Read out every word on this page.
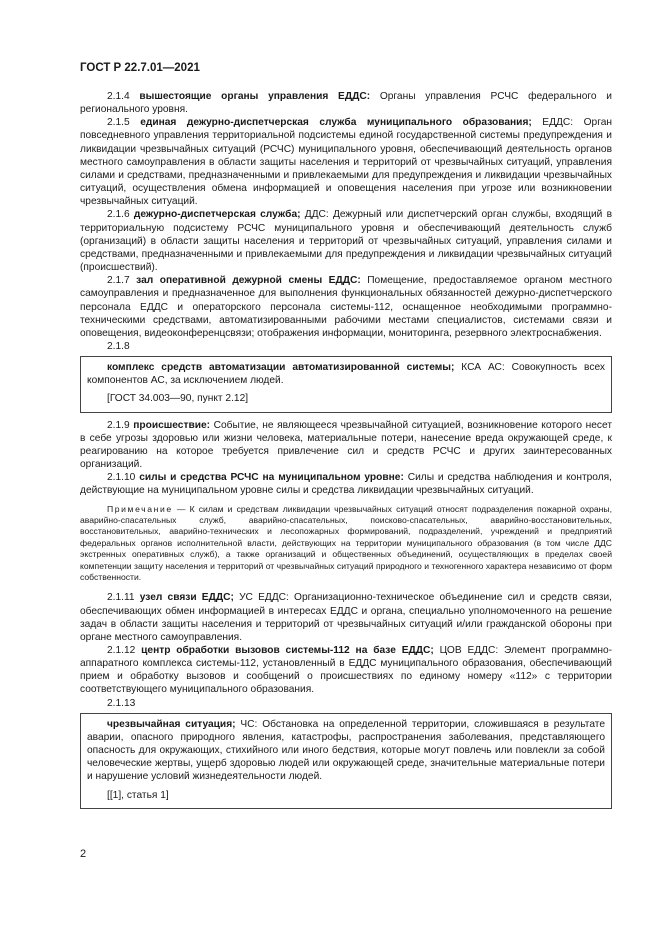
ГОСТ Р 22.7.01—2021

2.1.4 вышестоящие органы управления ЕДДС: Органы управления РСЧС федерального и регионального уровня.

2.1.5 единая дежурно-диспетчерская служба муниципального образования; ЕДДС: Орган повседневного управления территориальной подсистемы единой государственной системы предупреждения и ликвидации чрезвычайных ситуаций (РСЧС) муниципального уровня, обеспечивающий деятельность органов местного самоуправления в области защиты населения и территорий от чрезвычайных ситуаций, управления силами и средствами, предназначенными и привлекаемыми для предупреждения и ликвидации чрезвычайных ситуаций, осуществления обмена информацией и оповещения населения при угрозе или возникновении чрезвычайных ситуаций.

2.1.6 дежурно-диспетчерская служба; ДДС: Дежурный или диспетчерский орган службы, входящий в территориальную подсистему РСЧС муниципального уровня и обеспечивающий деятельность служб (организаций) в области защиты населения и территорий от чрезвычайных ситуаций, управления силами и средствами, предназначенными и привлекаемыми для предупреждения и ликвидации чрезвычайных ситуаций (происшествий).

2.1.7 зал оперативной дежурной смены ЕДДС: Помещение, предоставляемое органом местного самоуправления и предназначенное для выполнения функциональных обязанностей дежурно-диспетчерского персонала ЕДДС и операторского персонала системы-112, оснащенное необходимыми программно-техническими средствами, автоматизированными рабочими местами специалистов, системами связи и оповещения, видеоконференцсвязи; отображения информации, мониторинга, резервного электроснабжения.

2.1.8

комплекс средств автоматизации автоматизированной системы; КСА АС: Совокупность всех компонентов АС, за исключением людей.

[ГОСТ 34.003—90, пункт 2.12]

2.1.9 происшествие: Событие, не являющееся чрезвычайной ситуацией, возникновение которого несет в себе угрозы здоровью или жизни человека, материальные потери, нанесение вреда окружающей среде, к реагированию на которое требуется привлечение сил и средств РСЧС и других заинтересованных организаций.

2.1.10 силы и средства РСЧС на муниципальном уровне: Силы и средства наблюдения и контроля, действующие на муниципальном уровне силы и средства ликвидации чрезвычайных ситуаций.

Примечание — К силам и средствам ликвидации чрезвычайных ситуаций относят подразделения пожарной охраны, аварийно-спасательных служб, аварийно-спасательных, поисково-спасательных, аварийно-восстановительных, восстановительных, аварийно-технических и лесопожарных формирований, подразделений, учреждений и предприятий федеральных органов исполнительной власти, действующих на территории муниципального образования (в том числе ДДС экстренных оперативных служб), а также организаций и общественных объединений, осуществляющих в пределах своей компетенции защиту населения и территорий от чрезвычайных ситуаций природного и техногенного характера независимо от форм собственности.

2.1.11 узел связи ЕДДС; УС ЕДДС: Организационно-техническое объединение сил и средств связи, обеспечивающих обмен информацией в интересах ЕДДС и органа, специально уполномоченного на решение задач в области защиты населения и территорий от чрезвычайных ситуаций и/или гражданской обороны при органе местного самоуправления.

2.1.12 центр обработки вызовов системы-112 на базе ЕДДС; ЦОВ ЕДДС: Элемент программно-аппаратного комплекса системы-112, установленный в ЕДДС муниципального образования, обеспечивающий прием и обработку вызовов и сообщений о происшествиях по единому номеру «112» с территории соответствующего муниципального образования.

2.1.13

чрезвычайная ситуация; ЧС: Обстановка на определенной территории, сложившаяся в результате аварии, опасного природного явления, катастрофы, распространения заболевания, представляющего опасность для окружающих, стихийного или иного бедствия, которые могут повлечь или повлекли за собой человеческие жертвы, ущерб здоровью людей или окружающей среде, значительные материальные потери и нарушение условий жизнедеятельности людей.

[[1], статья 1]

2
